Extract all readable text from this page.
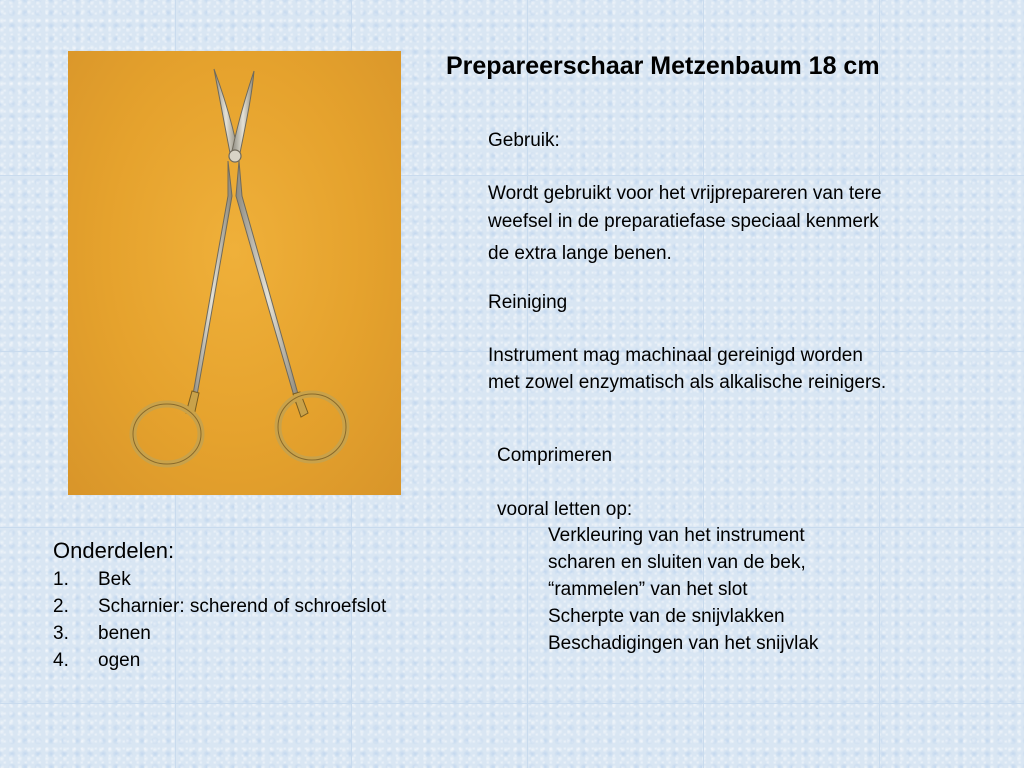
Prepareerschaar Metzenbaum 18 cm
Gebruik:
Wordt gebruikt voor het vrijprepareren van tere
weefsel in de preparatiefase speciaal kenmerk
de extra lange benen.
Reiniging
Instrument mag machinaal gereinigd worden
met zowel enzymatisch als alkalische reinigers.
Comprimeren
vooral letten op:
Verkleuring van het instrument
scharen en sluiten van de bek,
“rammelen” van het slot
Scherpte van de snijvlakken
Beschadigingen van het snijvlak
Onderdelen:
1.	Bek
2.	Scharnier: scherend of schroefslot
3.	benen
4.	ogen
